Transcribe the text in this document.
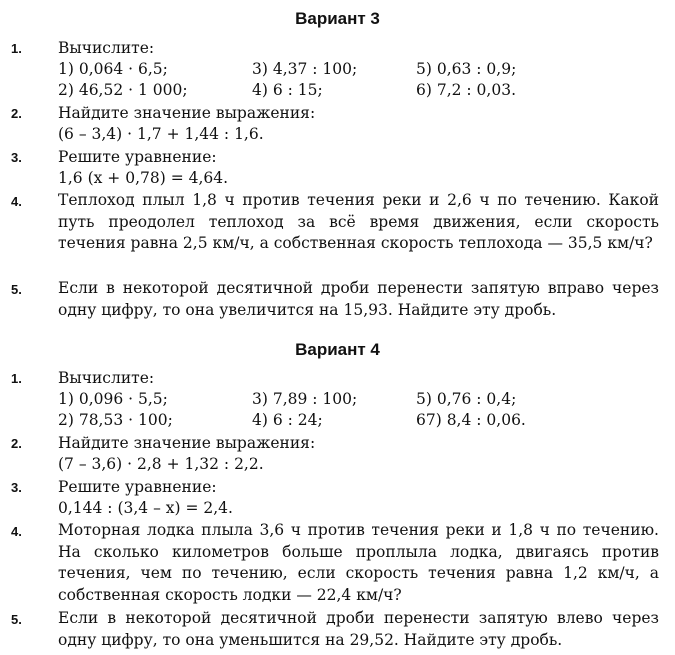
Вариант 3
1. Вычислите:
1) 0,064 · 6,5;	3) 4,37 : 100;	5) 0,63 : 0,9;
2) 46,52 · 1 000;	4) 6 : 15;	6) 7,2 : 0,03.
2. Найдите значение выражения:
(6 – 3,4) · 1,7 + 1,44 : 1,6.
3. Решите уравнение:
1,6 (x + 0,78) = 4,64.
4. Теплоход плыл 1,8 ч против течения реки и 2,6 ч по течению. Какой путь преодолел теплоход за всё время движения, если скорость течения равна 2,5 км/ч, а собственная скорость теплохода — 35,5 км/ч?
5. Если в некоторой десятичной дроби перенести запятую вправо через одну цифру, то она увеличится на 15,93. Найдите эту дробь.
Вариант 4
1. Вычислите:
1) 0,096 · 5,5;	3) 7,89 : 100;	5) 0,76 : 0,4;
2) 78,53 · 100;	4) 6 : 24;	67) 8,4 : 0,06.
2. Найдите значение выражения:
(7 – 3,6) · 2,8 + 1,32 : 2,2.
3. Решите уравнение:
0,144 : (3,4 – x) = 2,4.
4. Моторная лодка плыла 3,6 ч против течения реки и 1,8 ч по течению. На сколько километров больше проплыла лодка, двигаясь против течения, чем по течению, если скорость течения равна 1,2 км/ч, а собственная скорость лодки — 22,4 км/ч?
5. Если в некоторой десятичной дроби перенести запятую влево через одну цифру, то она уменьшится на 29,52. Найдите эту дробь.
